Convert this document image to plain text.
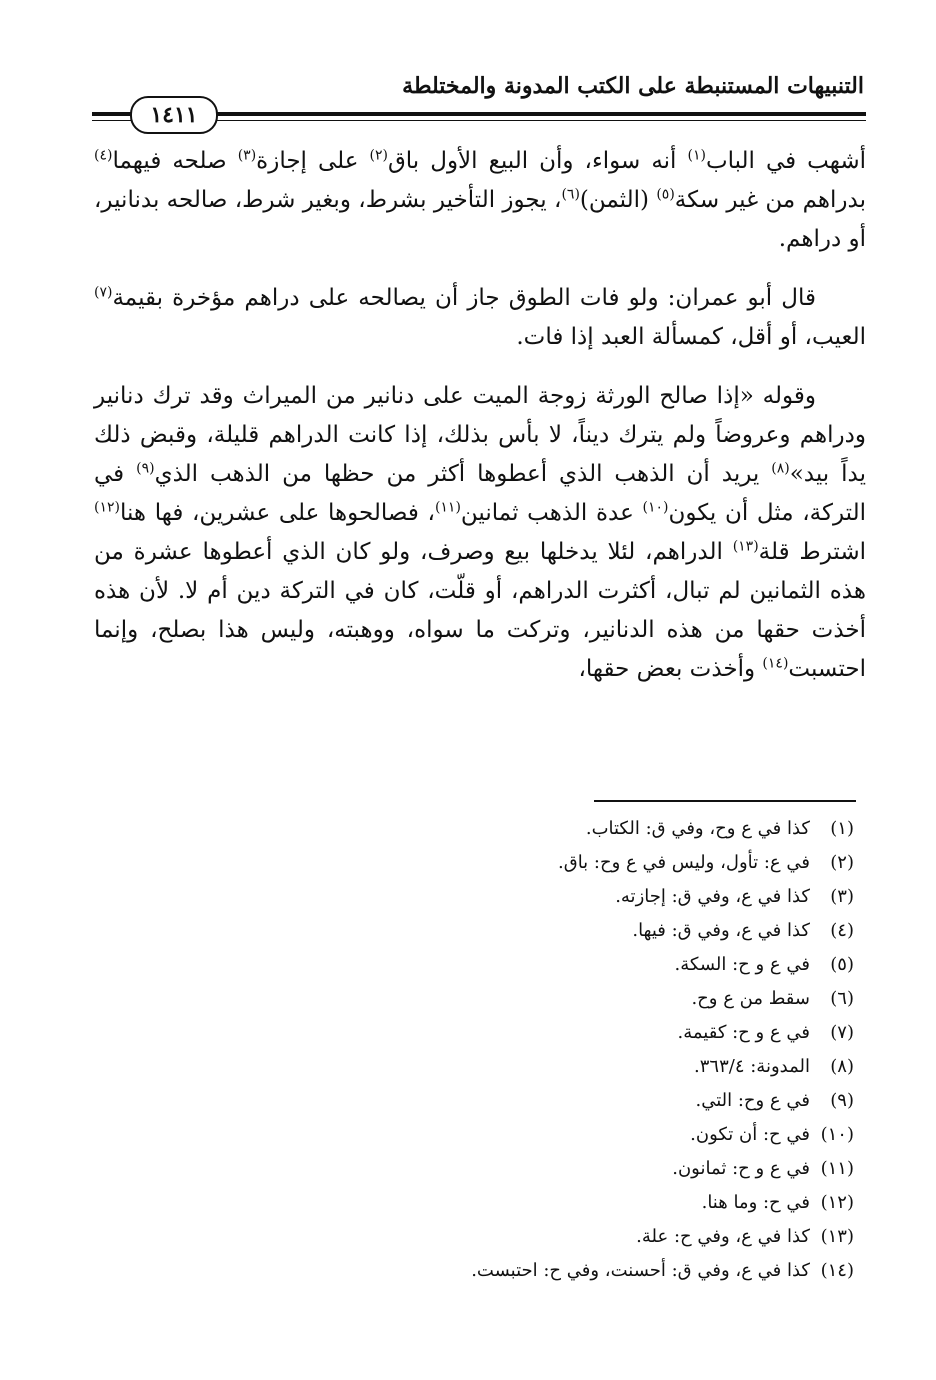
التنبيهات المستنبطة على الكتب المدونة والمختلطة
١٤١١

أشهب في الباب$^{(١)}$ أنه سواء، وأن البيع الأول باق$^{(٢)}$ على إجازة$^{(٣)}$ صلحه فيهما$^{(٤)}$ بدراهم من غير سكة$^{(٥)}$ (الثمن)$^{(٦)}$، يجوز التأخير بشرط، وبغير شرط، صالحه بدنانير، أو دراهم.

قال أبو عمران: ولو فات الطوق جاز أن يصالحه على دراهم مؤخرة بقيمة$^{(٧)}$ العيب، أو أقل، كمسألة العبد إذا فات.

وقوله «إذا صالح الورثة زوجة الميت على دنانير من الميراث وقد ترك دنانير ودراهم وعروضاً ولم يترك ديناً، لا بأس بذلك، إذا كانت الدراهم قليلة، وقبض ذلك يداً بيد»$^{(٨)}$ يريد أن الذهب الذي أعطوها أكثر من حظها من الذهب الذي$^{(٩)}$ في التركة، مثل أن يكون$^{(١٠)}$ عدة الذهب ثمانين$^{(١١)}$، فصالحوها على عشرين، فها هنا$^{(١٢)}$ اشترط قلة$^{(١٣)}$ الدراهم، لئلا يدخلها بيع وصرف، ولو كان الذي أعطوها عشرة من هذه الثمانين لم تبال، أكثرت الدراهم، أو قلّت، كان في التركة دين أم لا. لأن هذه أخذت حقها من هذه الدنانير، وتركت ما سواه، ووهبته، وليس هذا بصلح، وإنما احتسبت$^{(١٤)}$ وأخذت بعض حقها،

(١)كذا في ع وح، وفي ق: الكتاب.
(٢)في ع: تأول، وليس في ع وح: باق.
(٣)كذا في ع، وفي ق: إجازته.
(٤)كذا في ع، وفي ق: فيها.
(٥)في ع و ح: السكة.
(٦)سقط من ع وح.
(٧)في ع و ح: كقيمة.
(٨)المدونة: ٣٦٣/٤.
(٩)في ع وح: التي.
(١٠)في ح: أن تكون.
(١١)في ع و ح: ثمانون.
(١٢)في ح: وما هنا.
(١٣)كذا في ع، وفي ح: علة.
(١٤)كذا في ع، وفي ق: أحسنت، وفي ح: احتبست.
